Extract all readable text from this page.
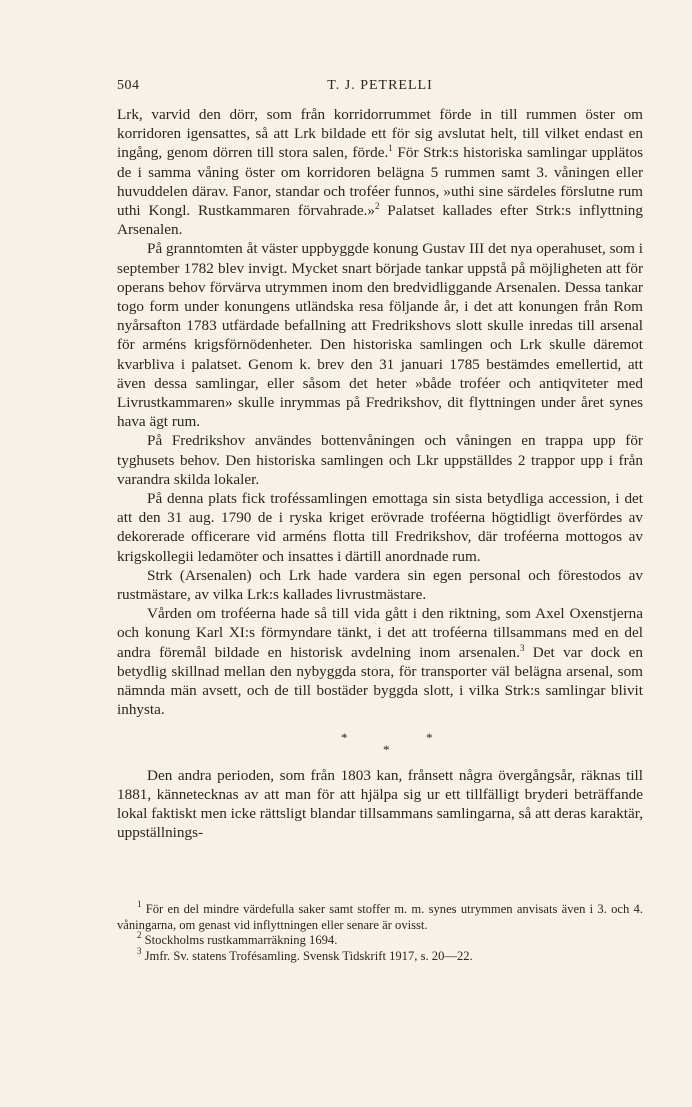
504	T. J. PETRELLI

Lrk, varvid den dörr, som från korridorrummet förde in till rummen öster om korridoren igensattes, så att Lrk bildade ett för sig avslutat helt, till vilket endast en ingång, genom dörren till stora salen, förde.$^1$ För Strk:s historiska samlingar upplätos de i samma våning öster om korridoren belägna 5 rummen samt 3. våningen eller huvuddelen därav. Fanor, standar och troféer funnos, »uthi sine särdeles förslutne rum uthi Kongl. Rustkammaren förvahrade.»$^2$ Palatset kallades efter Strk:s inflyttning Arsenalen.

På granntomten åt väster uppbyggde konung Gustav III det nya operahuset, som i september 1782 blev invigt. Mycket snart började tankar uppstå på möjligheten att för operans behov förvärva utrymmen inom den bredvidliggande Arsenalen. Dessa tankar togo form under konungens utländska resa följande år, i det att konungen från Rom nyårsafton 1783 utfärdade befallning att Fredrikshovs slott skulle inredas till arsenal för arméns krigsförnödenheter. Den historiska samlingen och Lrk skulle däremot kvarbliva i palatset. Genom k. brev den 31 januari 1785 bestämdes emellertid, att även dessa samlingar, eller såsom det heter »både troféer och antiqviteter med Livrustkammaren» skulle inrymmas på Fredrikshov, dit flyttningen under året synes hava ägt rum.

På Fredrikshov användes bottenvåningen och våningen en trappa upp för tyghusets behov. Den historiska samlingen och Lkr uppställdes 2 trappor upp i från varandra skilda lokaler.

På denna plats fick troféssamlingen emottaga sin sista betydliga accession, i det att den 31 aug. 1790 de i ryska kriget erövrade troféerna högtidligt överfördes av dekorerade officerare vid arméns flotta till Fredrikshov, där troféerna mottogos av krigskollegii ledamöter och insattes i därtill anordnade rum.

Strk (Arsenalen) och Lrk hade vardera sin egen personal och förestodos av rustmästare, av vilka Lrk:s kallades livrustmästare.

Vården om troféerna hade så till vida gått i den riktning, som Axel Oxenstjerna och konung Karl XI:s förmyndare tänkt, i det att troféerna tillsammans med en del andra föremål bildade en historisk avdelning inom arsenalen.$^3$ Det var dock en betydlig skillnad mellan den nybyggda stora, för transporter väl belägna arsenal, som nämnda män avsett, och de till bostäder byggda slott, i vilka Strk:s samlingar blivit inhysta.

*	*
*

Den andra perioden, som från 1803 kan, frånsett några övergångsår, räknas till 1881, kännetecknas av att man för att hjälpa sig ur ett tillfälligt bryderi beträffande lokal faktiskt men icke rättsligt blandar tillsammans samlingarna, så att deras karaktär, uppställnings-

$^1$ För en del mindre värdefulla saker samt stoffer m. m. synes utrymmen anvisats även i 3. och 4. våningarna, om genast vid inflyttningen eller senare är ovisst.

$^2$ Stockholms rustkammarräkning 1694.

$^3$ Jmfr. Sv. statens Trofésamling. Svensk Tidskrift 1917, s. 20—22.
